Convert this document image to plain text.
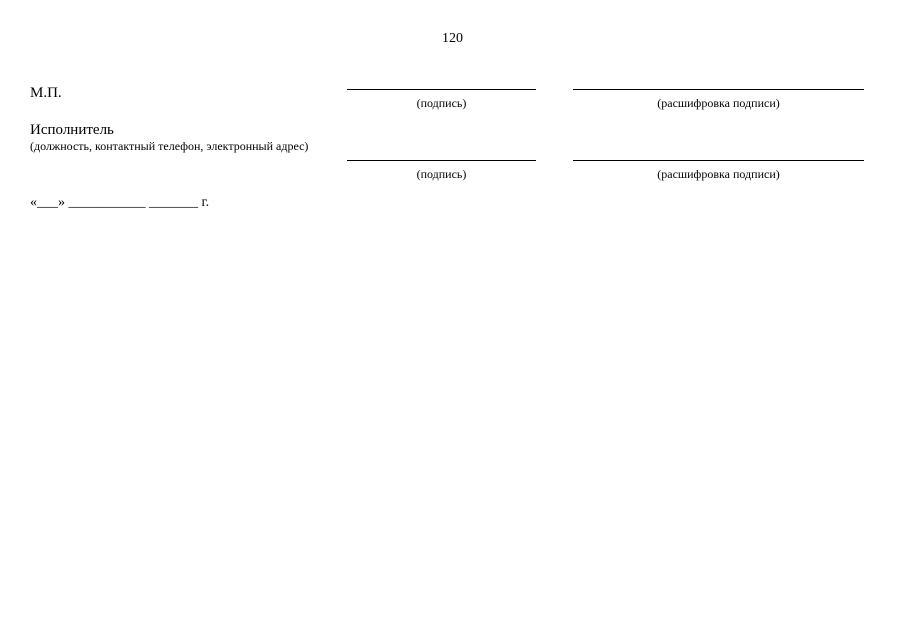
120
М.П.
(подпись)	(расшифровка подписи)
Исполнитель
(должность, контактный телефон, электронный адрес)
(подпись)	(расшифровка подписи)
«___» ___________ _______ г.
